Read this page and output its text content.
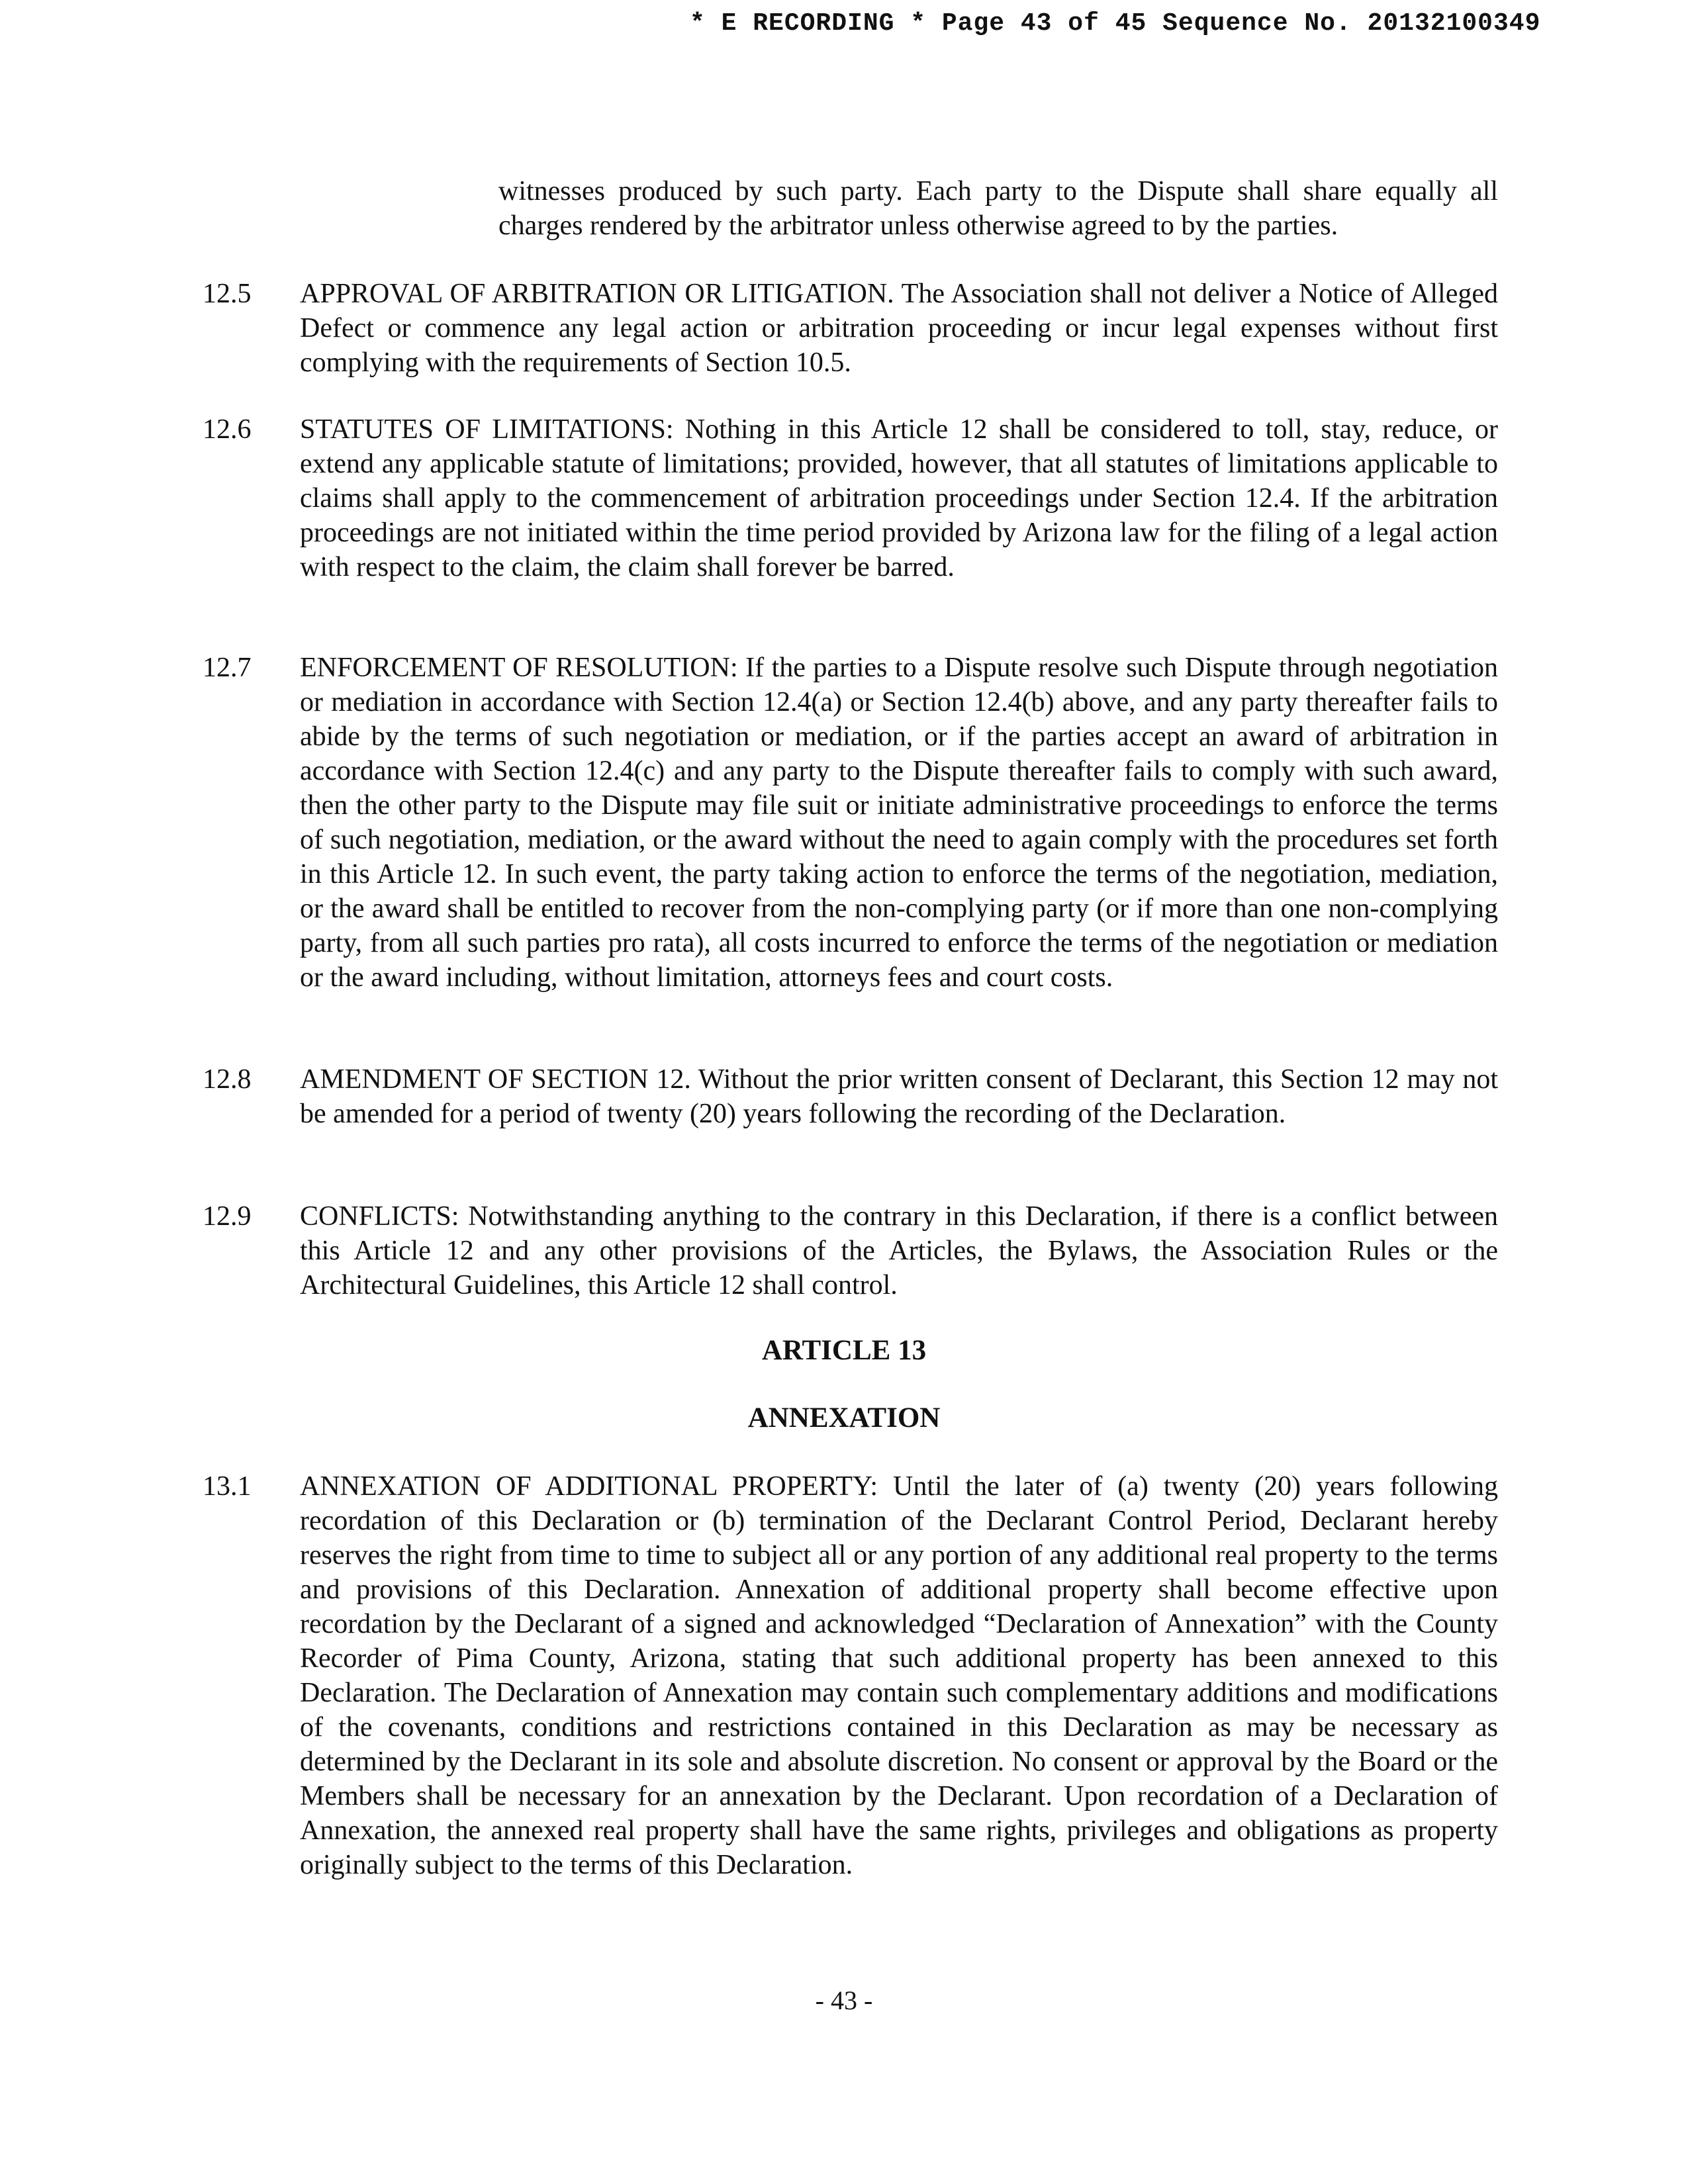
* E RECORDING * Page 43 of 45 Sequence No. 20132100349

witnesses produced by such party. Each party to the Dispute shall share equally all charges rendered by the arbitrator unless otherwise agreed to by the parties.

12.5 APPROVAL OF ARBITRATION OR LITIGATION. The Association shall not deliver a Notice of Alleged Defect or commence any legal action or arbitration proceeding or incur legal expenses without first complying with the requirements of Section 10.5.

12.6 STATUTES OF LIMITATIONS: Nothing in this Article 12 shall be considered to toll, stay, reduce, or extend any applicable statute of limitations; provided, however, that all statutes of limitations applicable to claims shall apply to the commencement of arbitration proceedings under Section 12.4. If the arbitration proceedings are not initiated within the time period provided by Arizona law for the filing of a legal action with respect to the claim, the claim shall forever be barred.

12.7 ENFORCEMENT OF RESOLUTION: If the parties to a Dispute resolve such Dispute through negotiation or mediation in accordance with Section 12.4(a) or Section 12.4(b) above, and any party thereafter fails to abide by the terms of such negotiation or mediation, or if the parties accept an award of arbitration in accordance with Section 12.4(c) and any party to the Dispute thereafter fails to comply with such award, then the other party to the Dispute may file suit or initiate administrative proceedings to enforce the terms of such negotiation, mediation, or the award without the need to again comply with the procedures set forth in this Article 12. In such event, the party taking action to enforce the terms of the negotiation, mediation, or the award shall be entitled to recover from the non-complying party (or if more than one non-complying party, from all such parties pro rata), all costs incurred to enforce the terms of the negotiation or mediation or the award including, without limitation, attorneys fees and court costs.

12.8 AMENDMENT OF SECTION 12. Without the prior written consent of Declarant, this Section 12 may not be amended for a period of twenty (20) years following the recording of the Declaration.

12.9 CONFLICTS: Notwithstanding anything to the contrary in this Declaration, if there is a conflict between this Article 12 and any other provisions of the Articles, the Bylaws, the Association Rules or the Architectural Guidelines, this Article 12 shall control.

ARTICLE 13
ANNEXATION
13.1 ANNEXATION OF ADDITIONAL PROPERTY: Until the later of (a) twenty (20) years following recordation of this Declaration or (b) termination of the Declarant Control Period, Declarant hereby reserves the right from time to time to subject all or any portion of any additional real property to the terms and provisions of this Declaration. Annexation of additional property shall become effective upon recordation by the Declarant of a signed and acknowledged “Declaration of Annexation” with the County Recorder of Pima County, Arizona, stating that such additional property has been annexed to this Declaration. The Declaration of Annexation may contain such complementary additions and modifications of the covenants, conditions and restrictions contained in this Declaration as may be necessary as determined by the Declarant in its sole and absolute discretion. No consent or approval by the Board or the Members shall be necessary for an annexation by the Declarant. Upon recordation of a Declaration of Annexation, the annexed real property shall have the same rights, privileges and obligations as property originally subject to the terms of this Declaration.

- 43 -
